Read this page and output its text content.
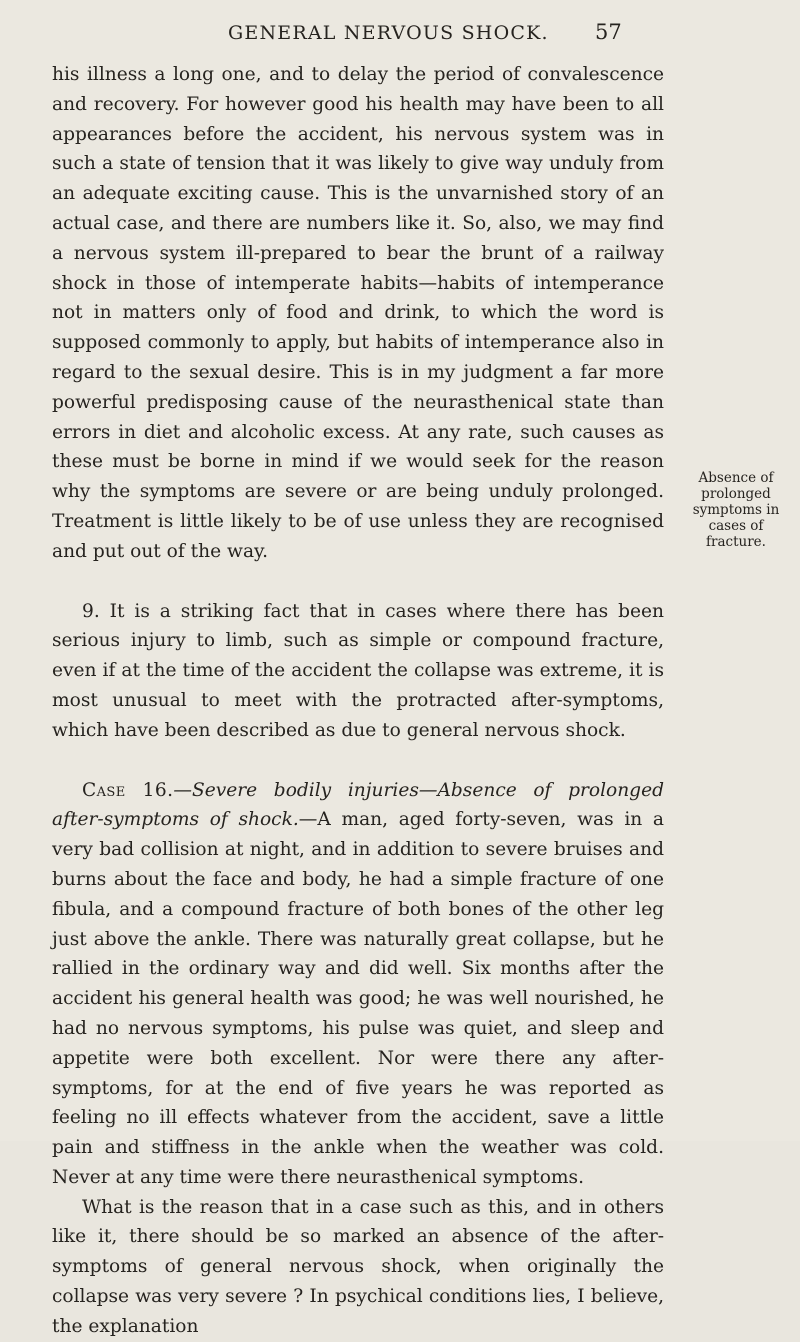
GENERAL NERVOUS SHOCK. 57

his illness a long one, and to delay the period of convalescence and recovery. For however good his health may have been to all appearances before the accident, his nervous system was in such a state of tension that it was likely to give way unduly from an adequate exciting cause. This is the unvarnished story of an actual case, and there are numbers like it. So, also, we may find a nervous system ill-prepared to bear the brunt of a railway shock in those of intemperate habits—habits of intemperance not in matters only of food and drink, to which the word is supposed commonly to apply, but habits of intemperance also in regard to the sexual desire. This is in my judgment a far more powerful predisposing cause of the neurasthenical state than errors in diet and alcoholic excess. At any rate, such causes as these must be borne in mind if we would seek for the reason why the symptoms are severe or are being unduly prolonged. Treatment is little likely to be of use unless they are recognised and put out of the way.

9. It is a striking fact that in cases where there has been serious injury to limb, such as simple or compound fracture, even if at the time of the accident the collapse was extreme, it is most unusual to meet with the protracted after-symptoms, which have been described as due to general nervous shock.

Case 16.—Severe bodily injuries—Absence of prolonged after-symptoms of shock.—A man, aged forty-seven, was in a very bad collision at night, and in addition to severe bruises and burns about the face and body, he had a simple fracture of one fibula, and a compound fracture of both bones of the other leg just above the ankle. There was naturally great collapse, but he rallied in the ordinary way and did well. Six months after the accident his general health was good; he was well nourished, he had no nervous symptoms, his pulse was quiet, and sleep and appetite were both excellent. Nor were there any after-symptoms, for at the end of five years he was reported as feeling no ill effects whatever from the accident, save a little pain and stiffness in the ankle when the weather was cold. Never at any time were there neurasthenical symptoms.

What is the reason that in a case such as this, and in others like it, there should be so marked an absence of the after-symptoms of general nervous shock, when originally the collapse was very severe ? In psychical conditions lies, I believe, the explanation

Absence of prolonged symptoms in cases of fracture.
